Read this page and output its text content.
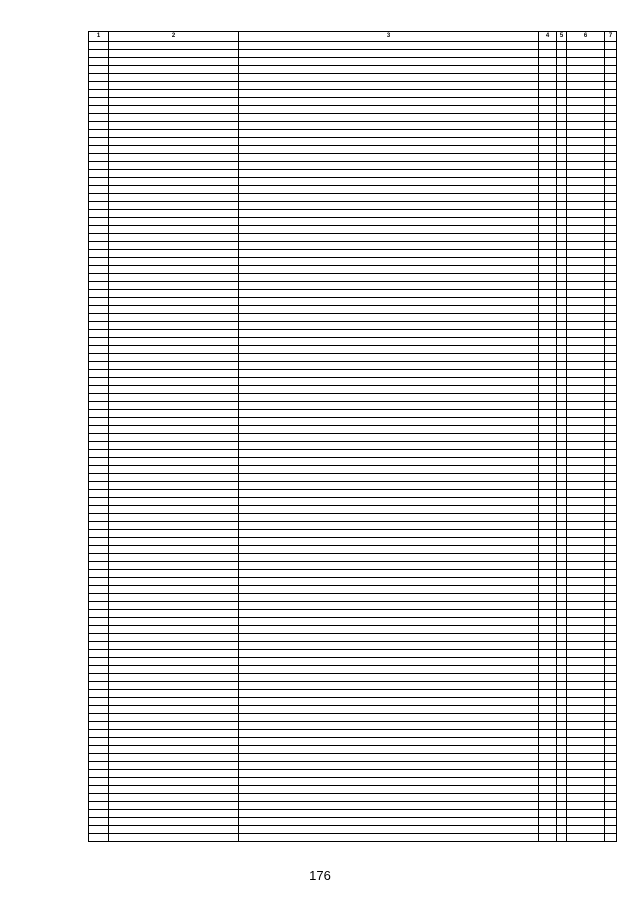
1	2	3	4	5	6	7

176
